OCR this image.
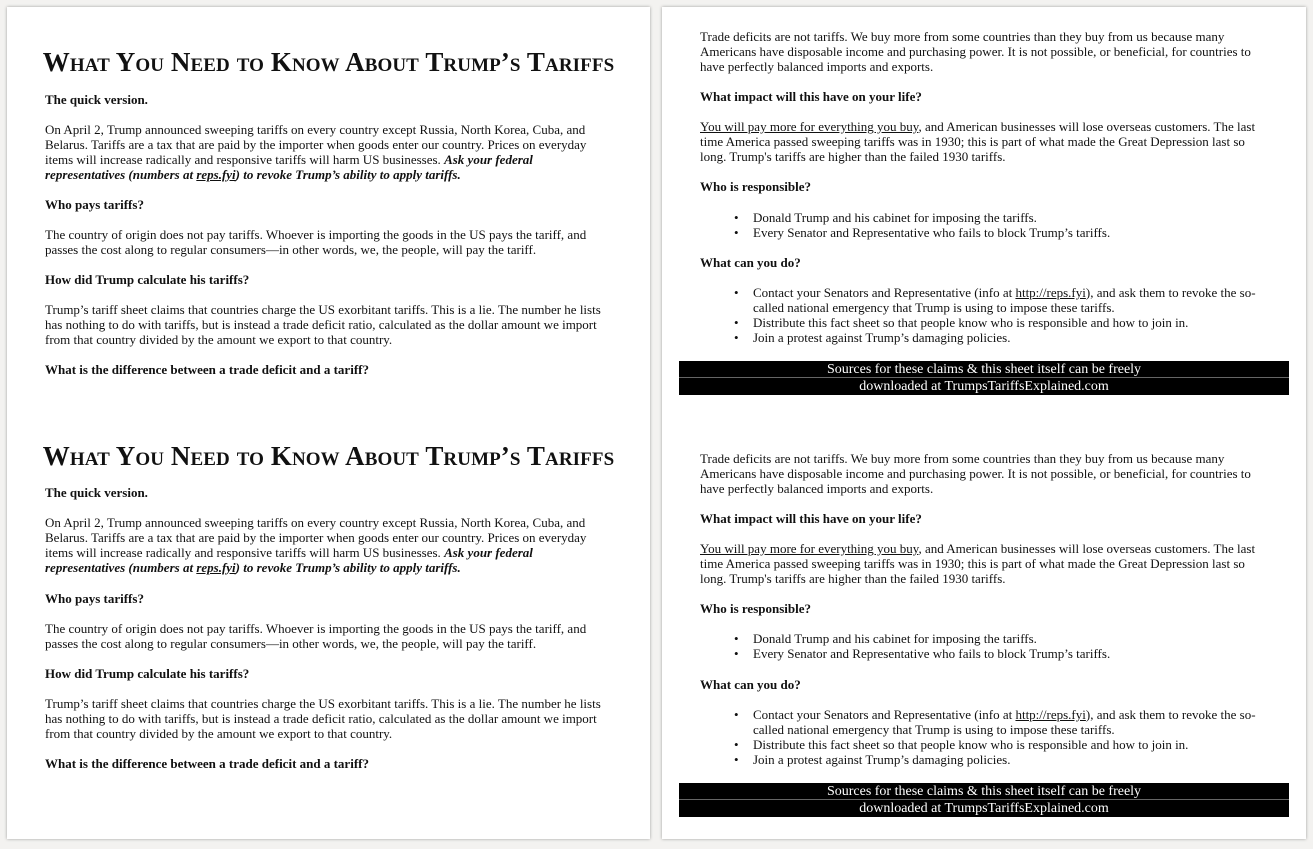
What You Need to Know About Trump’s Tariffs
The quick version.
On April 2, Trump announced sweeping tariffs on every country except Russia, North Korea, Cuba, and Belarus. Tariffs are a tax that are paid by the importer when goods enter our country. Prices on everyday items will increase radically and responsive tariffs will harm US businesses. Ask your federal representatives (numbers at reps.fyi) to revoke Trump’s ability to apply tariffs.
Who pays tariffs?
The country of origin does not pay tariffs. Whoever is importing the goods in the US pays the tariff, and passes the cost along to regular consumers—in other words, we, the people, will pay the tariff.
How did Trump calculate his tariffs?
Trump’s tariff sheet claims that countries charge the US exorbitant tariffs. This is a lie. The number he lists has nothing to do with tariffs, but is instead a trade deficit ratio, calculated as the dollar amount we import from that country divided by the amount we export to that country.
What is the difference between a trade deficit and a tariff?
What You Need to Know About Trump’s Tariffs
The quick version.
On April 2, Trump announced sweeping tariffs on every country except Russia, North Korea, Cuba, and Belarus. Tariffs are a tax that are paid by the importer when goods enter our country. Prices on everyday items will increase radically and responsive tariffs will harm US businesses. Ask your federal representatives (numbers at reps.fyi) to revoke Trump’s ability to apply tariffs.
Who pays tariffs?
The country of origin does not pay tariffs. Whoever is importing the goods in the US pays the tariff, and passes the cost along to regular consumers—in other words, we, the people, will pay the tariff.
How did Trump calculate his tariffs?
Trump’s tariff sheet claims that countries charge the US exorbitant tariffs. This is a lie. The number he lists has nothing to do with tariffs, but is instead a trade deficit ratio, calculated as the dollar amount we import from that country divided by the amount we export to that country.
What is the difference between a trade deficit and a tariff?
Trade deficits are not tariffs. We buy more from some countries than they buy from us because many Americans have disposable income and purchasing power. It is not possible, or beneficial, for countries to have perfectly balanced imports and exports.
What impact will this have on your life?
You will pay more for everything you buy, and American businesses will lose overseas customers. The last time America passed sweeping tariffs was in 1930; this is part of what made the Great Depression last so long. Trump's tariffs are higher than the failed 1930 tariffs.
Who is responsible?
• Donald Trump and his cabinet for imposing the tariffs.
• Every Senator and Representative who fails to block Trump’s tariffs.
What can you do?
• Contact your Senators and Representative (info at http://reps.fyi), and ask them to revoke the so-called national emergency that Trump is using to impose these tariffs.
• Distribute this fact sheet so that people know who is responsible and how to join in.
• Join a protest against Trump’s damaging policies.
Sources for these claims & this sheet itself can be freely
downloaded at TrumpsTariffsExplained.com
Trade deficits are not tariffs. We buy more from some countries than they buy from us because many Americans have disposable income and purchasing power. It is not possible, or beneficial, for countries to have perfectly balanced imports and exports.
What impact will this have on your life?
You will pay more for everything you buy, and American businesses will lose overseas customers. The last time America passed sweeping tariffs was in 1930; this is part of what made the Great Depression last so long. Trump's tariffs are higher than the failed 1930 tariffs.
Who is responsible?
• Donald Trump and his cabinet for imposing the tariffs.
• Every Senator and Representative who fails to block Trump’s tariffs.
What can you do?
• Contact your Senators and Representative (info at http://reps.fyi), and ask them to revoke the so-called national emergency that Trump is using to impose these tariffs.
• Distribute this fact sheet so that people know who is responsible and how to join in.
• Join a protest against Trump’s damaging policies.
Sources for these claims & this sheet itself can be freely
downloaded at TrumpsTariffsExplained.com
